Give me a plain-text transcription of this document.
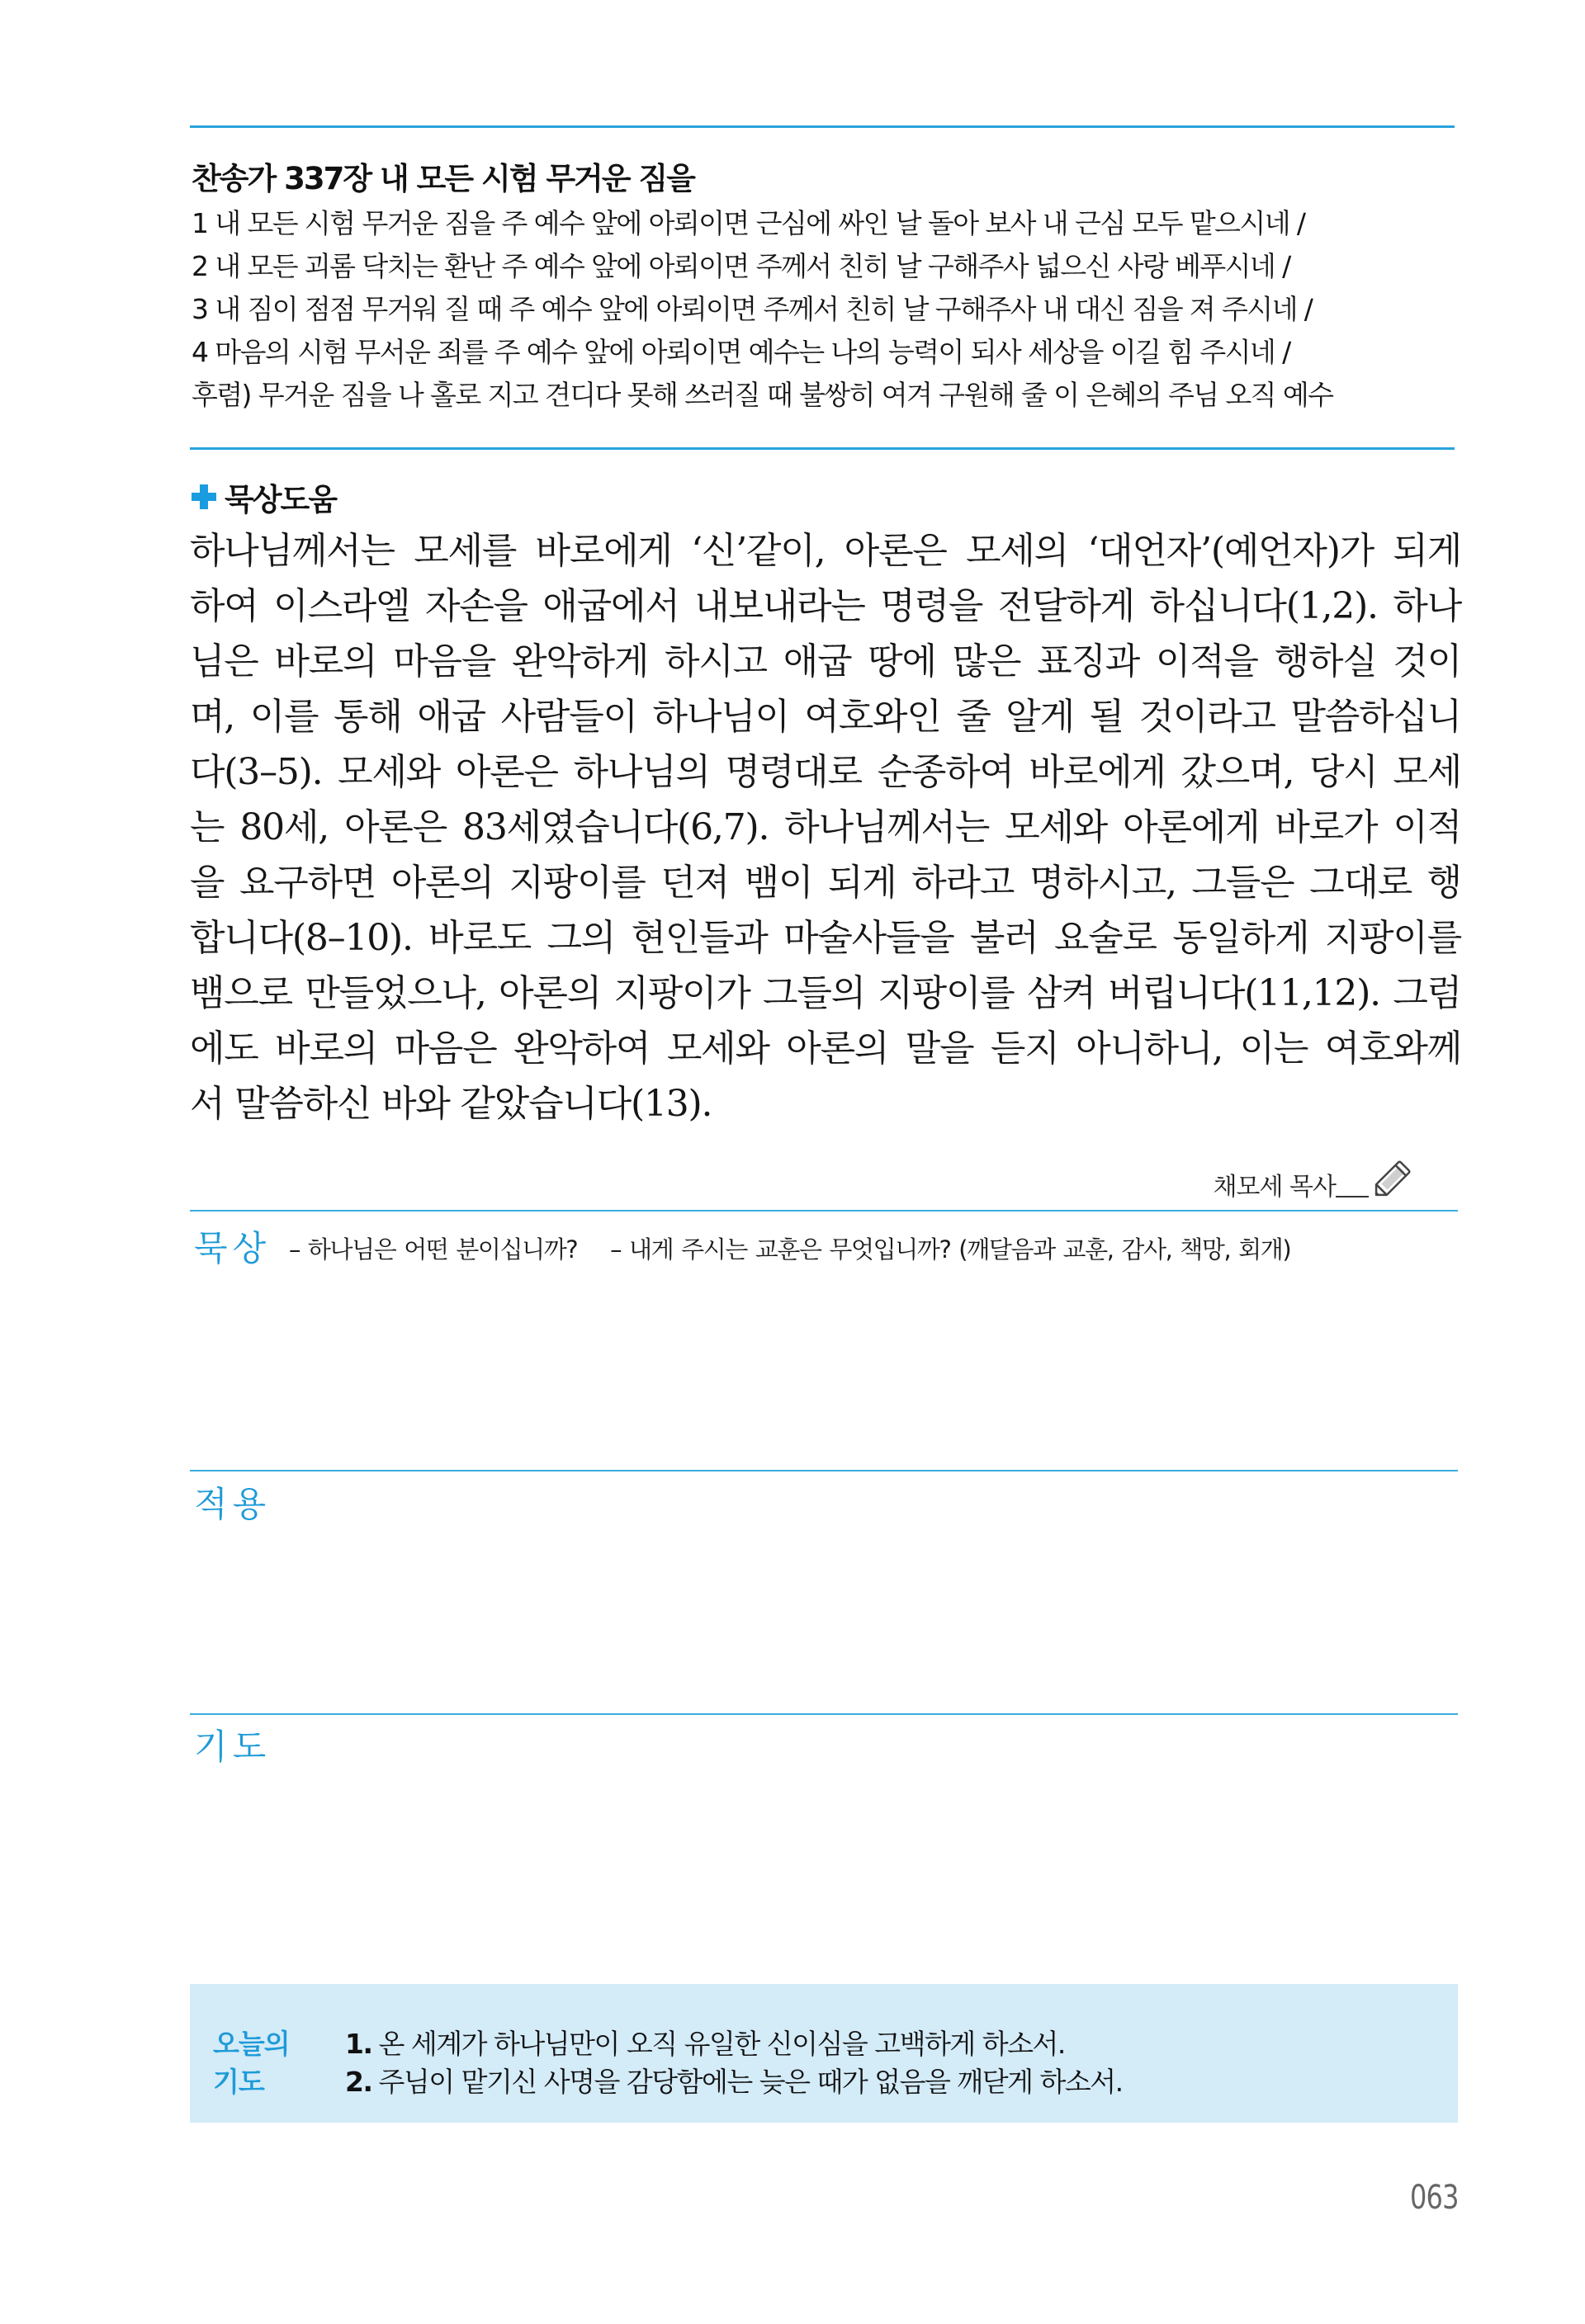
찬송가 337장 내 모든 시험 무거운 짐을
1 내 모든 시험 무거운 짐을 주 예수 앞에 아뢰이면 근심에 싸인 날 돌아 보사 내 근심 모두 맡으시네 /
2 내 모든 괴롬 닥치는 환난 주 예수 앞에 아뢰이면 주께서 친히 날 구해주사 넓으신 사랑 베푸시네 /
3 내 짐이 점점 무거워 질 때 주 예수 앞에 아뢰이면 주께서 친히 날 구해주사 내 대신 짐을 져 주시네 /
4 마음의 시험 무서운 죄를 주 예수 앞에 아뢰이면 예수는 나의 능력이 되사 세상을 이길 힘 주시네 /
후렴) 무거운 짐을 나 홀로 지고 견디다 못해 쓰러질 때 불쌍히 여겨 구원해 줄 이 은혜의 주님 오직 예수
묵상도움
하나님께서는 모세를 바로에게 ‘신’같이, 아론은 모세의 ‘대언자’(예언자)가 되게
하여 이스라엘 자손을 애굽에서 내보내라는 명령을 전달하게 하십니다(1,2). 하나
님은 바로의 마음을 완악하게 하시고 애굽 땅에 많은 표징과 이적을 행하실 것이
며, 이를 통해 애굽 사람들이 하나님이 여호와인 줄 알게 될 것이라고 말씀하십니
다(3–5). 모세와 아론은 하나님의 명령대로 순종하여 바로에게 갔으며, 당시 모세
는 80세, 아론은 83세였습니다(6,7). 하나님께서는 모세와 아론에게 바로가 이적
을 요구하면 아론의 지팡이를 던져 뱀이 되게 하라고 명하시고, 그들은 그대로 행
합니다(8–10). 바로도 그의 현인들과 마술사들을 불러 요술로 동일하게 지팡이를
뱀으로 만들었으나, 아론의 지팡이가 그들의 지팡이를 삼켜 버립니다(11,12). 그럼
에도 바로의 마음은 완악하여 모세와 아론의 말을 듣지 아니하니, 이는 여호와께
서 말씀하신 바와 같았습니다(13).
채모세 목사
묵상 – 하나님은 어떤 분이십니까? – 내게 주시는 교훈은 무엇입니까? (깨달음과 교훈, 감사, 책망, 회개)
적용
기도
오늘의
기도
1. 온 세계가 하나님만이 오직 유일한 신이심을 고백하게 하소서.
2. 주님이 맡기신 사명을 감당함에는 늦은 때가 없음을 깨닫게 하소서.
063
